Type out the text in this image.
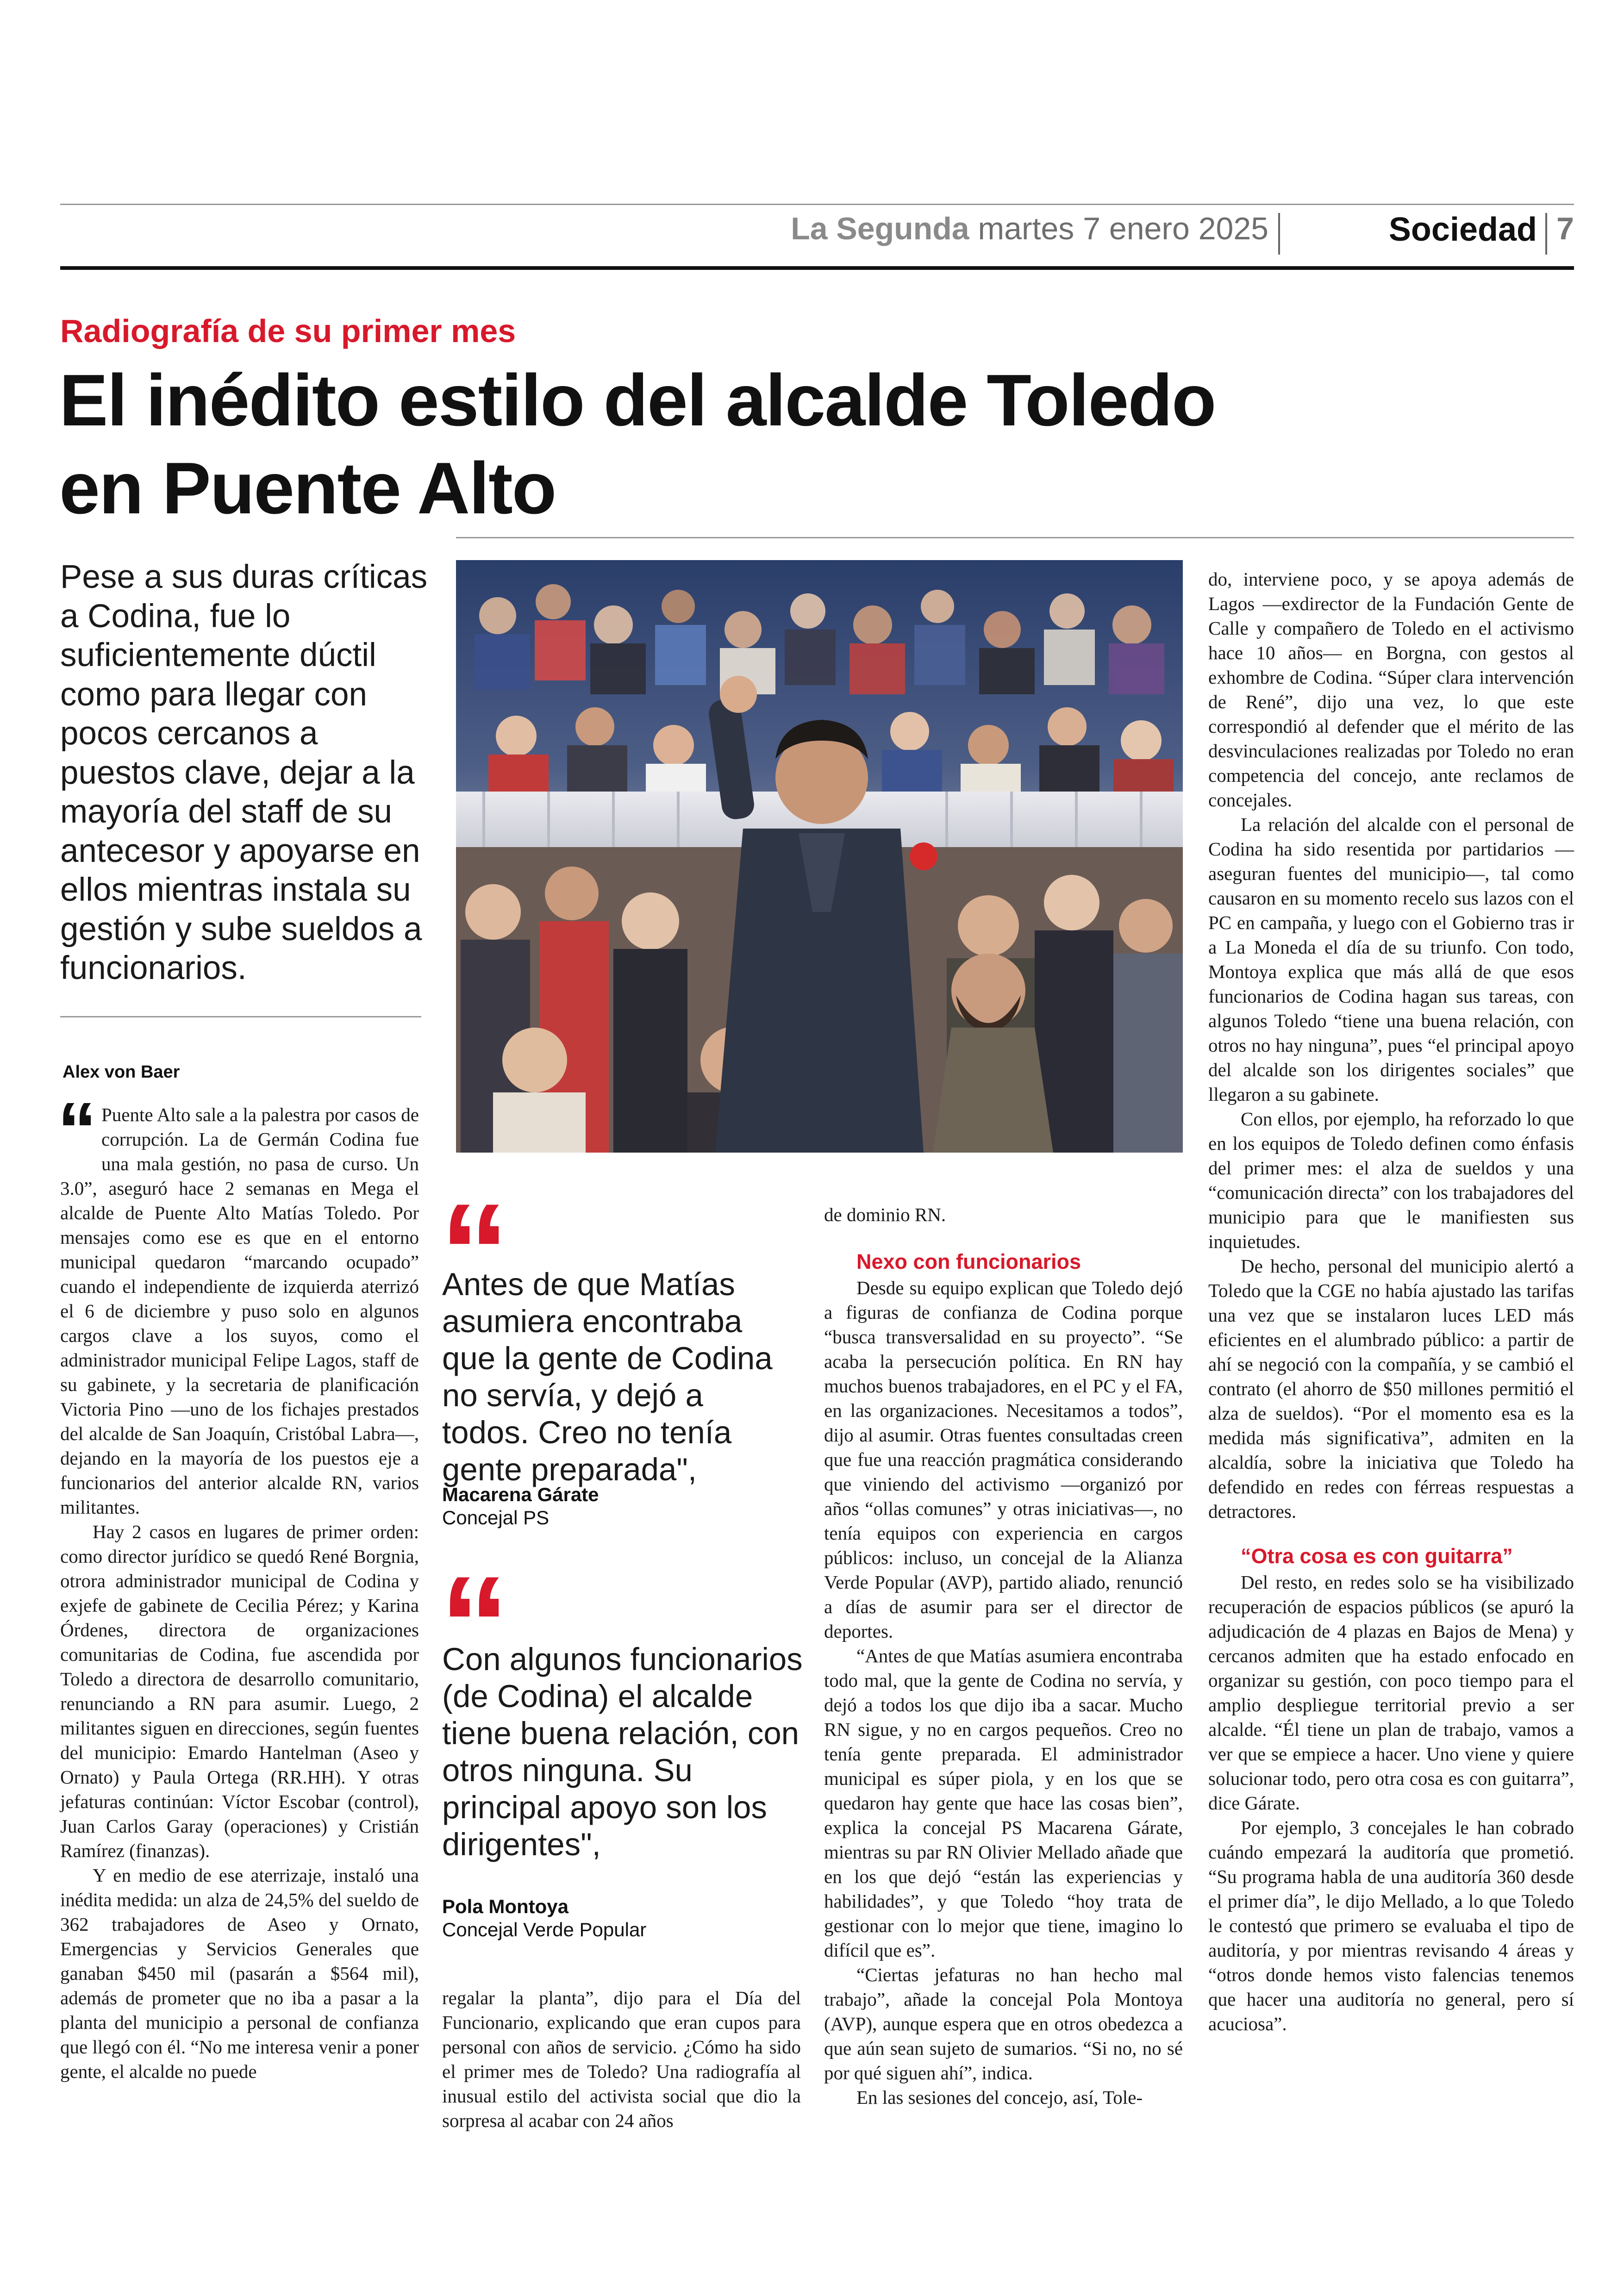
La Segunda martes 7 enero 2025	Sociedad 7
Radiografía de su primer mes
El inédito estilo del alcalde Toledo
en Puente Alto
Pese a sus duras críticas a Codina, fue lo suficientemente dúctil como para llegar con pocos cercanos a puestos clave, dejar a la mayoría del staff de su antecesor y apoyarse en ellos mientras instala su gestión y sube sueldos a funcionarios.
Alex von Baer
“
Antes de que Matías asumiera encontraba que la gente de Codina no servía, y dejó a todos. Creo no tenía gente preparada",
Macarena Gárate
Concejal PS
“
Con algunos funcionarios (de Codina) el alcalde tiene buena relación, con otros ninguna. Su principal apoyo son los dirigentes",
Pola Montoya
Concejal Verde Popular

“ Puente Alto sale a la palestra por casos de corrupción. La de Germán Codina fue una mala gestión, no pasa de curso. Un 3.0”, aseguró hace 2 semanas en Mega el alcalde de Puente Alto Matías Toledo. Por mensajes como ese es que en el entorno municipal quedaron “marcando ocupado” cuando el independiente de izquierda aterrizó el 6 de diciembre y puso solo en algunos cargos clave a los suyos, como el administrador municipal Felipe Lagos, staff de su gabinete, y la secretaria de planificación Victoria Pino —uno de los fichajes prestados del alcalde de San Joaquín, Cristóbal Labra—, dejando en la mayoría de los puestos eje a funcionarios del anterior alcalde RN, varios militantes.

Hay 2 casos en lugares de primer orden: como director jurídico se quedó René Borgnia, otrora administrador municipal de Codina y exjefe de gabinete de Cecilia Pérez; y Karina Órdenes, directora de organizaciones comunitarias de Codina, fue ascendida por Toledo a directora de desarrollo comunitario, renunciando a RN para asumir. Luego, 2 militantes siguen en direcciones, según fuentes del municipio: Emardo Hantelman (Aseo y Ornato) y Paula Ortega (RR.HH). Y otras jefaturas continúan: Víctor Escobar (control), Juan Carlos Garay (operaciones) y Cristián Ramírez (finanzas).

Y en medio de ese aterrizaje, instaló una inédita medida: un alza de 24,5% del sueldo de 362 trabajadores de Aseo y Ornato, Emergencias y Servicios Generales que ganaban $450 mil (pasarán a $564 mil), además de prometer que no iba a pasar a la planta del municipio a personal de confianza que llegó con él. “No me interesa venir a poner gente, el alcalde no puede

regalar la planta”, dijo para el Día del Funcionario, explicando que eran cupos para personal con años de servicio. ¿Cómo ha sido el primer mes de Toledo? Una radiografía al inusual estilo del activista social que dio la sorpresa al acabar con 24 años

de dominio RN.

Nexo con funcionarios

Desde su equipo explican que Toledo dejó a figuras de confianza de Codina porque “busca transversalidad en su proyecto”. “Se acaba la persecución política. En RN hay muchos buenos trabajadores, en el PC y el FA, en las organizaciones. Necesitamos a todos”, dijo al asumir. Otras fuentes consultadas creen que fue una reacción pragmática considerando que viniendo del activismo —organizó por años “ollas comunes” y otras iniciativas—, no tenía equipos con experiencia en cargos públicos: incluso, un concejal de la Alianza Verde Popular (AVP), partido aliado, renunció a días de asumir para ser el director de deportes.

“Antes de que Matías asumiera encontraba todo mal, que la gente de Codina no servía, y dejó a todos los que dijo iba a sacar. Mucho RN sigue, y no en cargos pequeños. Creo no tenía gente preparada. El administrador municipal es súper piola, y en los que se quedaron hay gente que hace las cosas bien”, explica la concejal PS Macarena Gárate, mientras su par RN Olivier Mellado añade que en los que dejó “están las experiencias y habilidades”, y que Toledo “hoy trata de gestionar con lo mejor que tiene, imagino lo difícil que es”.

“Ciertas jefaturas no han hecho mal trabajo”, añade la concejal Pola Montoya (AVP), aunque espera que en otros obedezca a que aún sean sujeto de sumarios. “Si no, no sé por qué siguen ahí”, indica.

En las sesiones del concejo, así, Tole-

do, interviene poco, y se apoya además de Lagos —exdirector de la Fundación Gente de Calle y compañero de Toledo en el activismo hace 10 años— en Borgna, con gestos al exhombre de Codina. “Súper clara intervención de René”, dijo una vez, lo que este correspondió al defender que el mérito de las desvinculaciones realizadas por Toledo no eran competencia del concejo, ante reclamos de concejales.

La relación del alcalde con el personal de Codina ha sido resentida por partidarios —aseguran fuentes del municipio—, tal como causaron en su momento recelo sus lazos con el PC en campaña, y luego con el Gobierno tras ir a La Moneda el día de su triunfo. Con todo, Montoya explica que más allá de que esos funcionarios de Codina hagan sus tareas, con algunos Toledo “tiene una buena relación, con otros no hay ninguna”, pues “el principal apoyo del alcalde son los dirigentes sociales” que llegaron a su gabinete.

Con ellos, por ejemplo, ha reforzado lo que en los equipos de Toledo definen como énfasis del primer mes: el alza de sueldos y una “comunicación directa” con los trabajadores del municipio para que le manifiesten sus inquietudes.

De hecho, personal del municipio alertó a Toledo que la CGE no había ajustado las tarifas una vez que se instalaron luces LED más eficientes en el alumbrado público: a partir de ahí se negoció con la compañía, y se cambió el contrato (el ahorro de $50 millones permitió el alza de sueldos). “Por el momento esa es la medida más significativa”, admiten en la alcaldía, sobre la iniciativa que Toledo ha defendido en redes con férreas respuestas a detractores.

“Otra cosa es con guitarra”

Del resto, en redes solo se ha visibilizado recuperación de espacios públicos (se apuró la adjudicación de 4 plazas en Bajos de Mena) y cercanos admiten que ha estado enfocado en organizar su gestión, con poco tiempo para el amplio despliegue territorial previo a ser alcalde. “Él tiene un plan de trabajo, vamos a ver que se empiece a hacer. Uno viene y quiere solucionar todo, pero otra cosa es con guitarra”, dice Gárate.

Por ejemplo, 3 concejales le han cobrado cuándo empezará la auditoría que prometió. “Su programa habla de una auditoría 360 desde el primer día”, le dijo Mellado, a lo que Toledo le contestó que primero se evaluaba el tipo de auditoría, y por mientras revisando 4 áreas y “otros donde hemos visto falencias tenemos que hacer una auditoría no general, pero sí acuciosa”.
